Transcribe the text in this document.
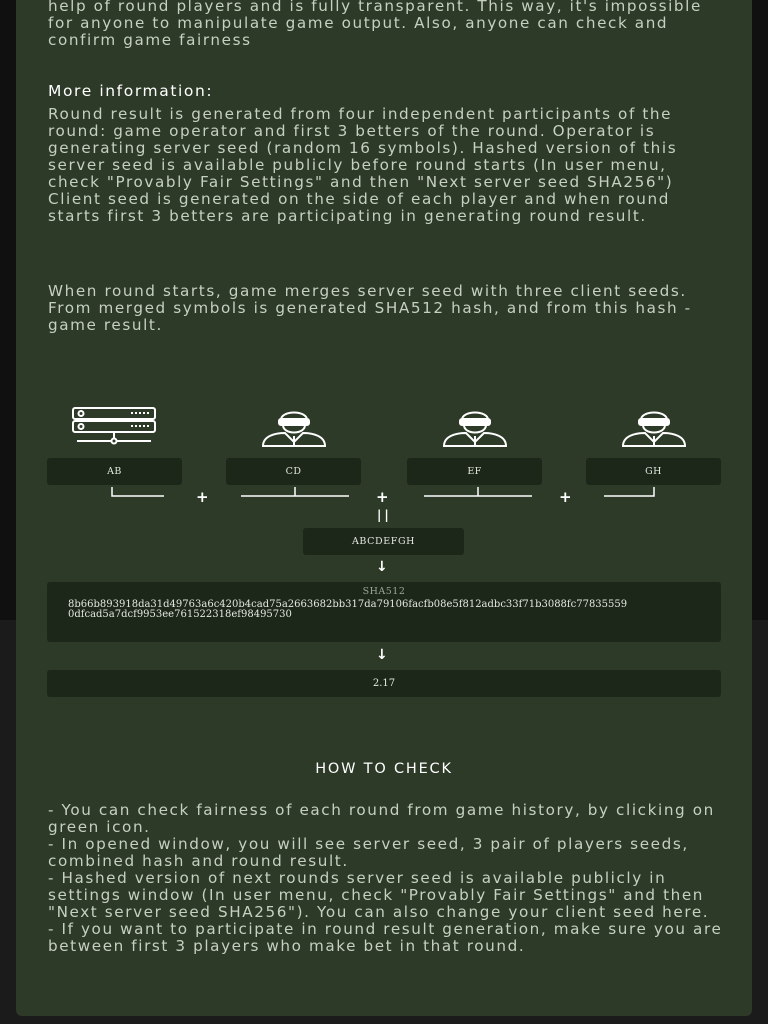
help of round players and is fully transparent. This way, it's impossible for anyone to manipulate game output. Also, anyone can check and confirm game fairness
More information:
Round result is generated from four independent participants of the round: game operator and first 3 betters of the round. Operator is generating server seed (random 16 symbols). Hashed version of this server seed is available publicly before round starts (In user menu, check "Provably Fair Settings" and then "Next server seed SHA256") Client seed is generated on the side of each player and when round starts first 3 betters are participating in generating round result.
When round starts, game merges server seed with three client seeds. From merged symbols is generated SHA512 hash, and from this hash - game result.
AB	CD	EF	GH
+	+	+
||
ABCDEFGH
↓
SHA512
8b66b893918da31d49763a6c420b4cad75a2663682bb317da79106facfb08e5f812adbc33f71b3088fc778355590dfcad5a7dcf9953ee761522318ef98495730
↓
2.17
HOW TO CHECK
- You can check fairness of each round from game history, by clicking on green icon.
- In opened window, you will see server seed, 3 pair of players seeds, combined hash and round result.
- Hashed version of next rounds server seed is available publicly in settings window (In user menu, check "Provably Fair Settings" and then "Next server seed SHA256"). You can also change your client seed here.
- If you want to participate in round result generation, make sure you are between first 3 players who make bet in that round.
